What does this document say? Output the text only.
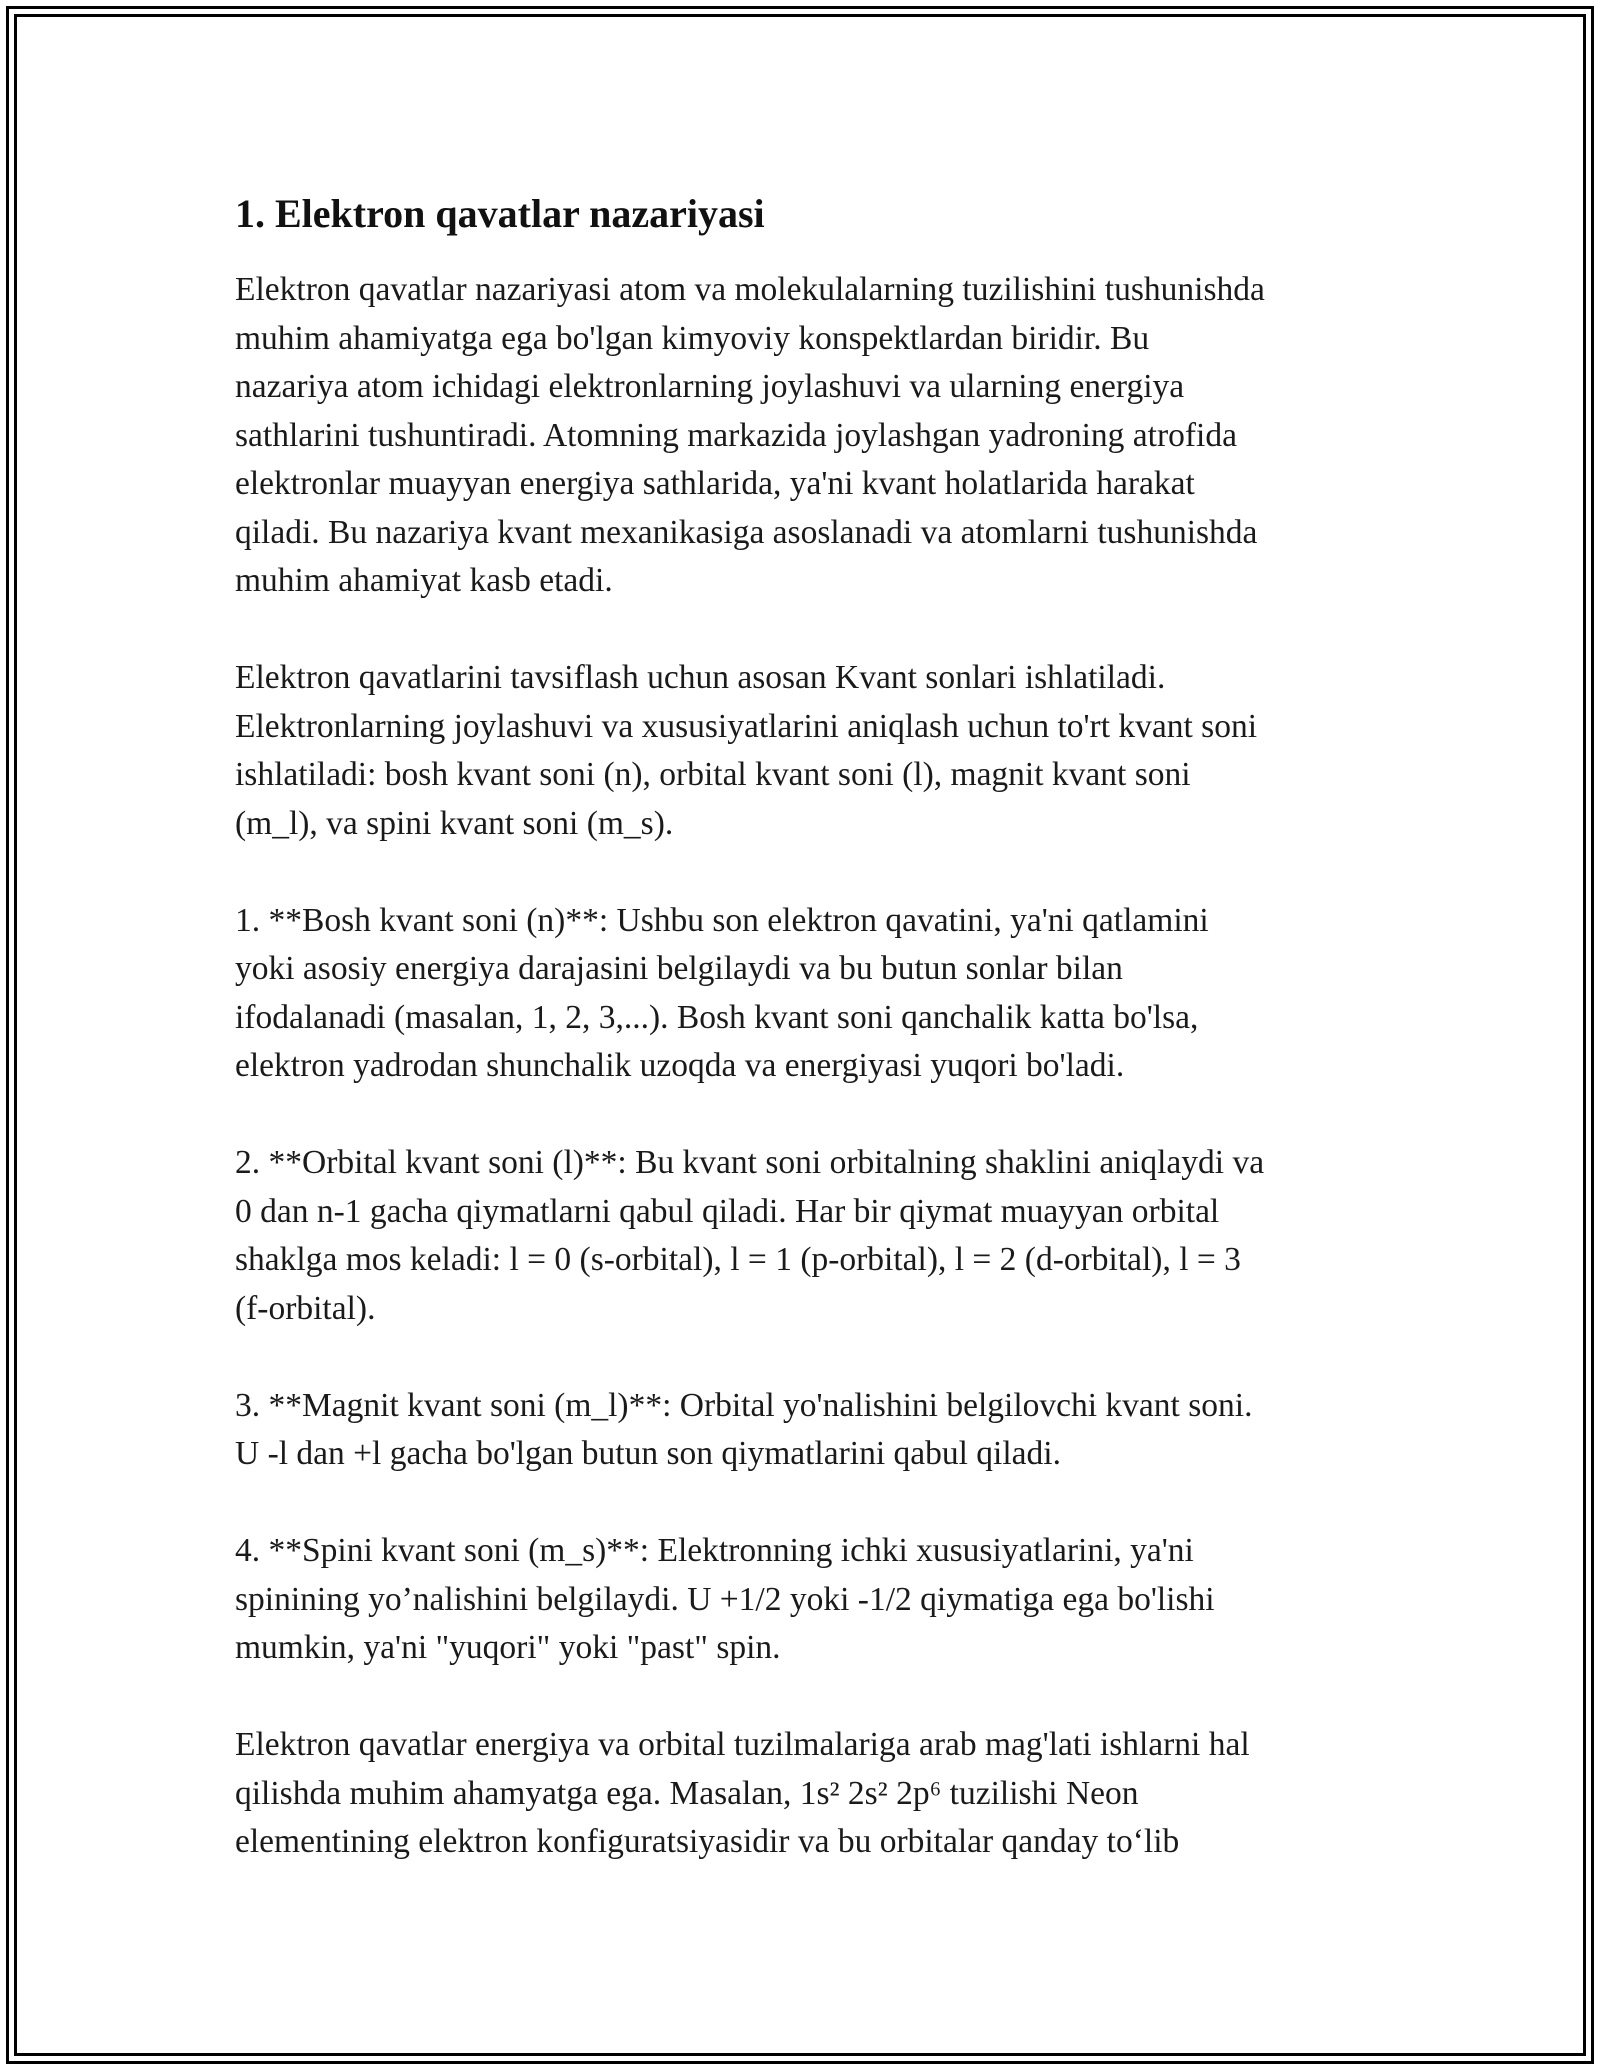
1. Elektron qavatlar nazariyasi

Elektron qavatlar nazariyasi atom va molekulalarning tuzilishini tushunishda
muhim ahamiyatga ega bo'lgan kimyoviy konspektlardan biridir. Bu
nazariya atom ichidagi elektronlarning joylashuvi va ularning energiya
sathlarini tushuntiradi. Atomning markazida joylashgan yadroning atrofida
elektronlar muayyan energiya sathlarida, ya'ni kvant holatlarida harakat
qiladi. Bu nazariya kvant mexanikasiga asoslanadi va atomlarni tushunishda
muhim ahamiyat kasb etadi.

Elektron qavatlarini tavsiflash uchun asosan Kvant sonlari ishlatiladi.
Elektronlarning joylashuvi va xususiyatlarini aniqlash uchun to'rt kvant soni
ishlatiladi: bosh kvant soni (n), orbital kvant soni (l), magnit kvant soni
(m_l), va spini kvant soni (m_s).

1. **Bosh kvant soni (n)**: Ushbu son elektron qavatini, ya'ni qatlamini
yoki asosiy energiya darajasini belgilaydi va bu butun sonlar bilan
ifodalanadi (masalan, 1, 2, 3,...). Bosh kvant soni qanchalik katta bo'lsa,
elektron yadrodan shunchalik uzoqda va energiyasi yuqori bo'ladi.

2. **Orbital kvant soni (l)**: Bu kvant soni orbitalning shaklini aniqlaydi va
0 dan n-1 gacha qiymatlarni qabul qiladi. Har bir qiymat muayyan orbital
shaklga mos keladi: l = 0 (s-orbital), l = 1 (p-orbital), l = 2 (d-orbital), l = 3
(f-orbital).

3. **Magnit kvant soni (m_l)**: Orbital yo'nalishini belgilovchi kvant soni.
U -l dan +l gacha bo'lgan butun son qiymatlarini qabul qiladi.

4. **Spini kvant soni (m_s)**: Elektronning ichki xususiyatlarini, ya'ni
spinining yo’nalishini belgilaydi. U +1/2 yoki -1/2 qiymatiga ega bo'lishi
mumkin, ya'ni "yuqori" yoki "past" spin.

Elektron qavatlar energiya va orbital tuzilmalariga arab mag'lati ishlarni hal
qilishda muhim ahamyatga ega. Masalan, 1s² 2s² 2p⁶ tuzilishi Neon
elementining elektron konfiguratsiyasidir va bu orbitalar qanday to‘lib
